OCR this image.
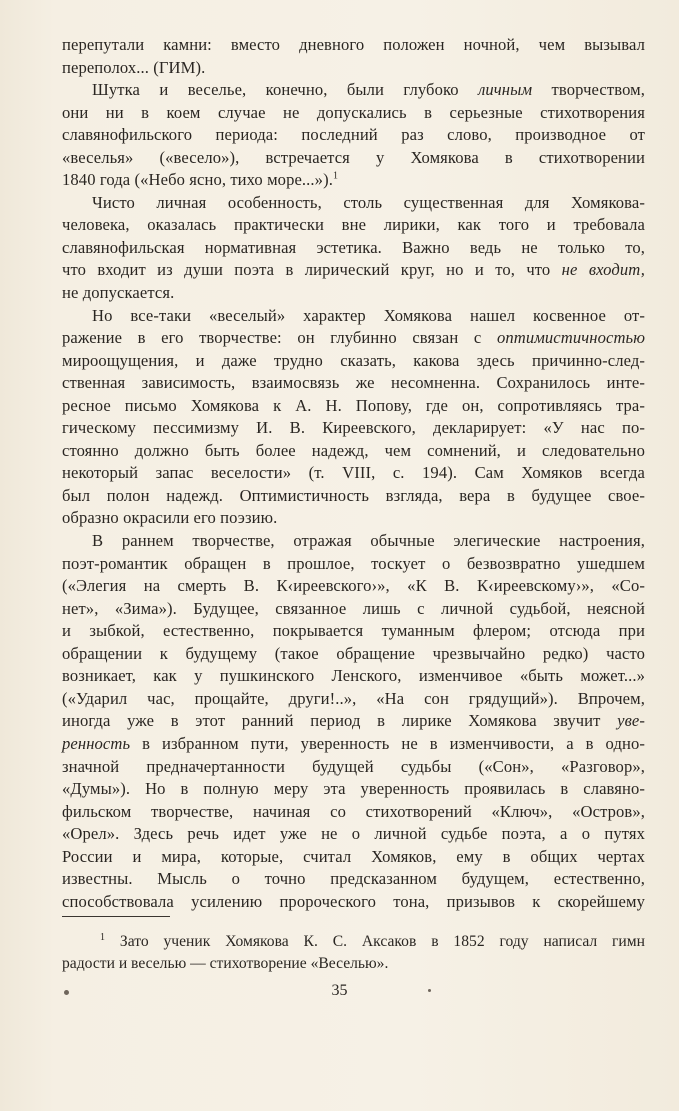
перепутали камни: вместо дневного положен ночной, чем вызывал
переполох... (ГИМ).
Шутка и веселье, конечно, были глубоко личным творчеством,
они ни в коем случае не допускались в серьезные стихотворения
славянофильского периода: последний раз слово, производное от
«веселья» («весело»), встречается у Хомякова в стихотворении
1840 года («Небо ясно, тихо море...»).$^1$
Чисто личная особенность, столь существенная для Хомякова-
человека, оказалась практически вне лирики, как того и требовала
славянофильская нормативная эстетика. Важно ведь не только то,
что входит из души поэта в лирический круг, но и то, что не входит,
не допускается.
Но все-таки «веселый» характер Хомякова нашел косвенное от-
ражение в его творчестве: он глубинно связан с оптимистичностью
мироощущения, и даже трудно сказать, какова здесь причинно-след-
ственная зависимость, взаимосвязь же несомненна. Сохранилось инте-
ресное письмо Хомякова к А. Н. Попову, где он, сопротивляясь тра-
гическому пессимизму И. В. Киреевского, декларирует: «У нас по-
стоянно должно быть более надежд, чем сомнений, и следовательно
некоторый запас веселости» (т. VIII, с. 194). Сам Хомяков всегда
был полон надежд. Оптимистичность взгляда, вера в будущее свое-
образно окрасили его поэзию.
В раннем творчестве, отражая обычные элегические настроения,
поэт-романтик обращен в прошлое, тоскует о безвозвратно ушедшем
(«Элегия на смерть В. К‹иреевского›», «К В. К‹иреевскому›», «Со-
нет», «Зима»). Будущее, связанное лишь с личной судьбой, неясной
и зыбкой, естественно, покрывается туманным флером; отсюда при
обращении к будущему (такое обращение чрезвычайно редко) часто
возникает, как у пушкинского Ленского, изменчивое «быть может...»
(«Ударил час, прощайте, други!..», «На сон грядущий»). Впрочем,
иногда уже в этот ранний период в лирике Хомякова звучит увe-
ренность в избранном пути, уверенность не в изменчивости, а в одно-
значной предначертанности будущей судьбы («Сон», «Разговор»,
«Думы»). Но в полную меру эта уверенность проявилась в славяно-
фильском творчестве, начиная со стихотворений «Ключ», «Остров»,
«Орел». Здесь речь идет уже не о личной судьбе поэта, а о путях
России и мира, которые, считал Хомяков, ему в общих чертах
известны. Мысль о точно предсказанном будущем, естественно,
способствовала усилению пророческого тона, призывов к скорейшему
$^1$ Зато ученик Хомякова К. С. Аксаков в 1852 году написал гимн
радости и веселью — стихотворение «Веселью».
35
